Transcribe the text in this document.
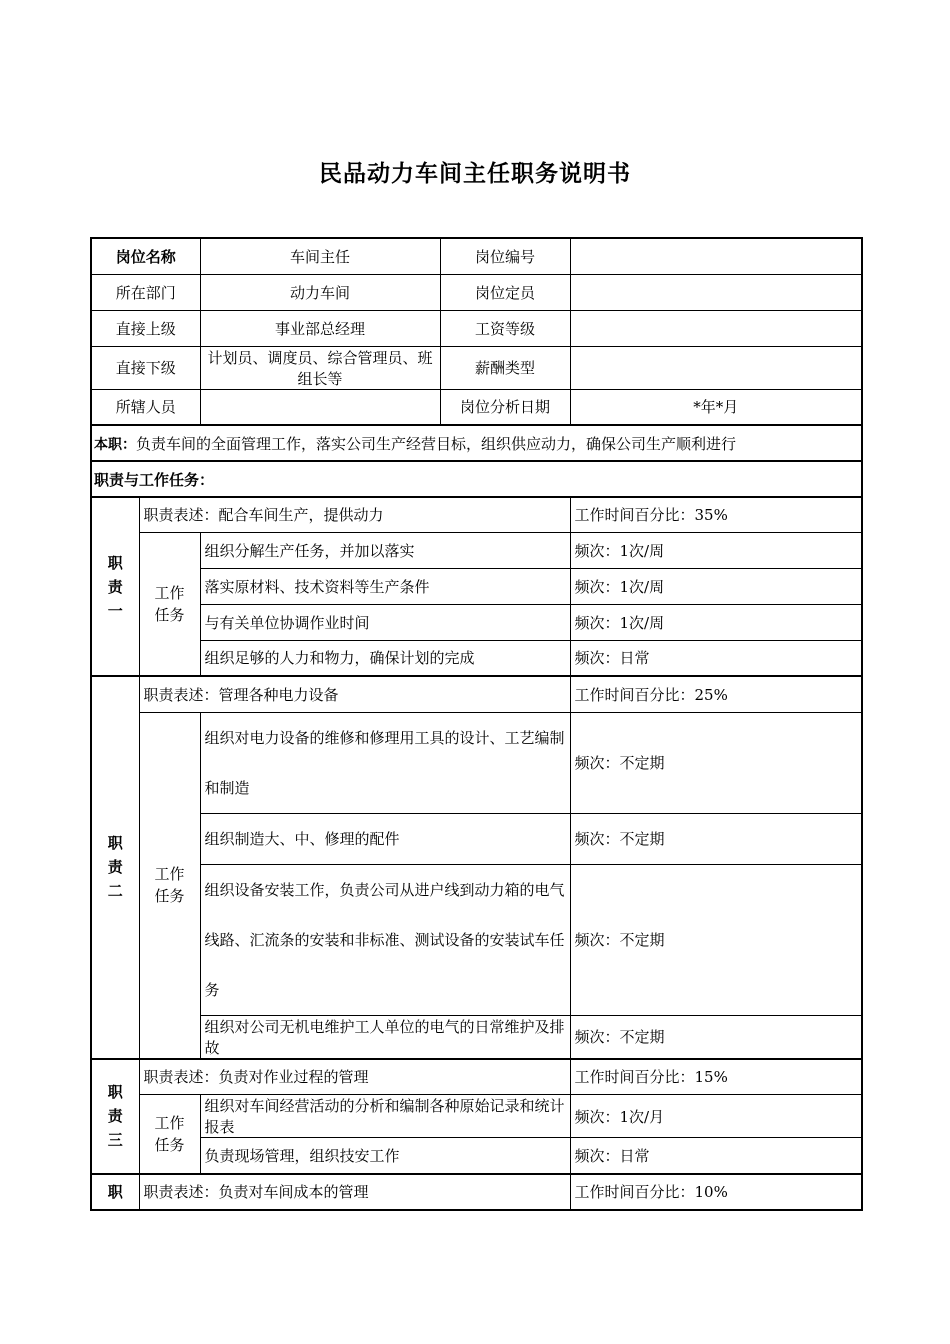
民品动力车间主任职务说明书
岗位名称		车间主任	岗位编号	
所在部门		动力车间	岗位定员	
直接上级		事业部总经理	工资等级	
直接下级		计划员、调度员、综合管理员、班组长等	薪酬类型	
所辖人员			岗位分析日期	*年*月
本职：负责车间的全面管理工作，落实公司生产经营目标，组织供应动力，确保公司生产顺利进行				
职责与工作任务：				

职
责
一	职责表述：配合车间生产，提供动力			工作时间百分比：35%

	工作
任务	组织分解生产任务，并加以落实		频次：1次/周
		落实原材料、技术资料等生产条件		频次：1次/周
		与有关单位协调作业时间		频次：1次/周
		组织足够的人力和物力，确保计划的完成		频次：日常

职
责
二	职责表述：管理各种电力设备			工作时间百分比：25%

	工作
任务	组织对电力设备的维修和修理用工具的设计、工艺编制和制造		频次：不定期
		组织制造大、中、修理的配件		频次：不定期
		组织设备安装工作，负责公司从进户线到动力箱的电气线路、汇流条的安装和非标准、测试设备的安装试车任务		频次：不定期
		组织对公司无机电维护工人单位的电气的日常维护及排故		频次：不定期

职
责
三	职责表述：负责对作业过程的管理			工作时间百分比：15%

	工作
任务	组织对车间经营活动的分析和编制各种原始记录和统计报表		频次：1次/月
		负责现场管理，组织技安工作		频次：日常

职	职责表述：负责对车间成本的管理			工作时间百分比：10%
